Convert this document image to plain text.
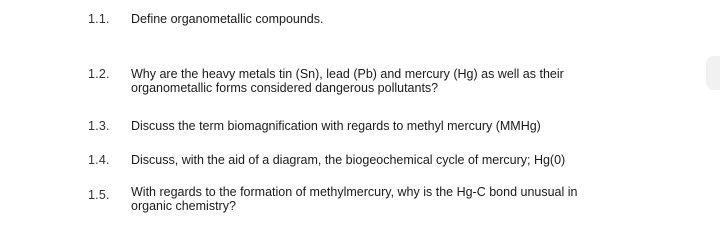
1.1. Define organometallic compounds.
1.2. Why are the heavy metals tin (Sn), lead (Pb) and mercury (Hg) as well as their
organometallic forms considered dangerous pollutants?
1.3. Discuss the term biomagnification with regards to methyl mercury (MMHg)
1.4. Discuss, with the aid of a diagram, the biogeochemical cycle of mercury; Hg(0)
1.5. With regards to the formation of methylmercury, why is the Hg-C bond unusual in
organic chemistry?
